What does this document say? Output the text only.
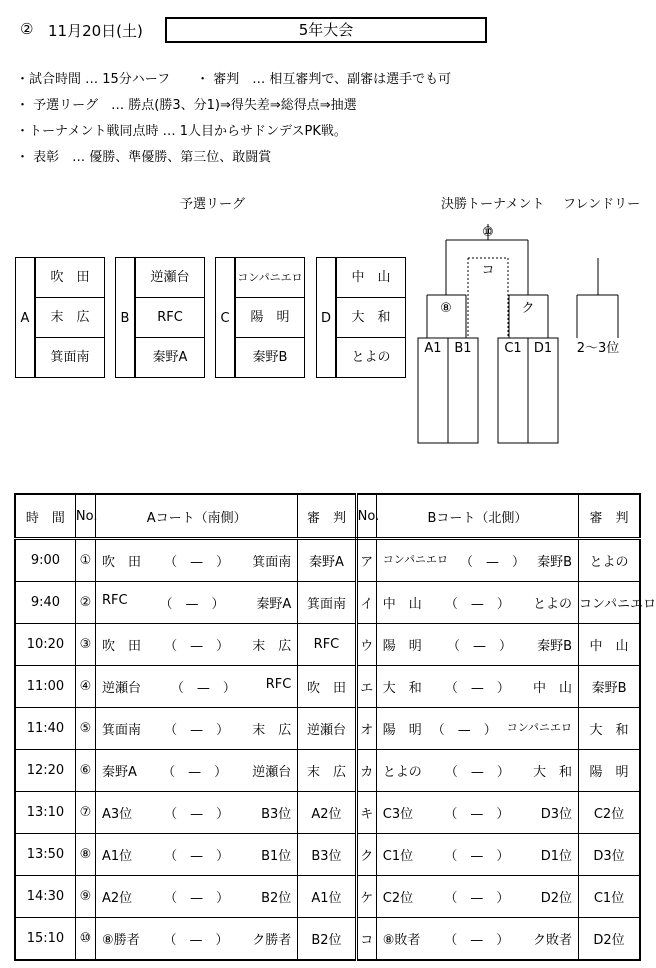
② 11月20日(土)	5年大会
・試合時間 … 15分ハーフ　　・ 審判　… 相互審判で、副審は選手でも可
・ 予選リーグ　… 勝点(勝3、分1)⇒得失差⇒総得点⇒抽選
・トーナメント戦同点時 … 1人目からサドンデスPK戦。
・ 表彰　… 優勝、準優勝、第三位、敢闘賞
予選リーグ	決勝トーナメント フレンドリー
A
吹　田
末　広
箕面南
B
逆瀬台
RFC
秦野A
C
コンパニエロ
陽　明
秦野B
D
中　山
大　和
とよの
⑩
コ
⑧	ク
A1 B1	C1 D1 2～3位
時　間	No.	Aコート（南側）	審　判	No.	Bコート（北側）	審　判
9:00	①	吹　田 （　—　） 箕面南	秦野A	ア	コンパニエロ （　—　） 秦野B	とよの
9:40	②	RFC （　—　） 秦野A	箕面南	イ	中　山 （　—　） とよの	コンパニエロ
10:20	③	吹　田 （　—　） 末　広	RFC	ウ	陽　明 （　—　） 秦野B	中　山
11:00	④	逆瀬台 （　—　） RFC	吹　田	エ	大　和 （　—　） 中　山	秦野B
11:40	⑤	箕面南 （　—　） 末　広	逆瀬台	オ	陽　明 （　—　） コンパニエロ	大　和
12:20	⑥	秦野A （　—　） 逆瀬台	末　広	カ	とよの （　—　） 大　和	陽　明
13:10	⑦	A3位 （　—　） B3位	A2位	キ	C3位 （　—　） D3位	C2位
13:50	⑧	A1位 （　—　） B1位	B3位	ク	C1位 （　—　） D1位	D3位
14:30	⑨	A2位 （　—　） B2位	A1位	ケ	C2位 （　—　） D2位	C1位
15:10	⑩	⑧勝者 （　—　） ク勝者	B2位	コ	⑧敗者 （　—　） ク敗者	D2位
